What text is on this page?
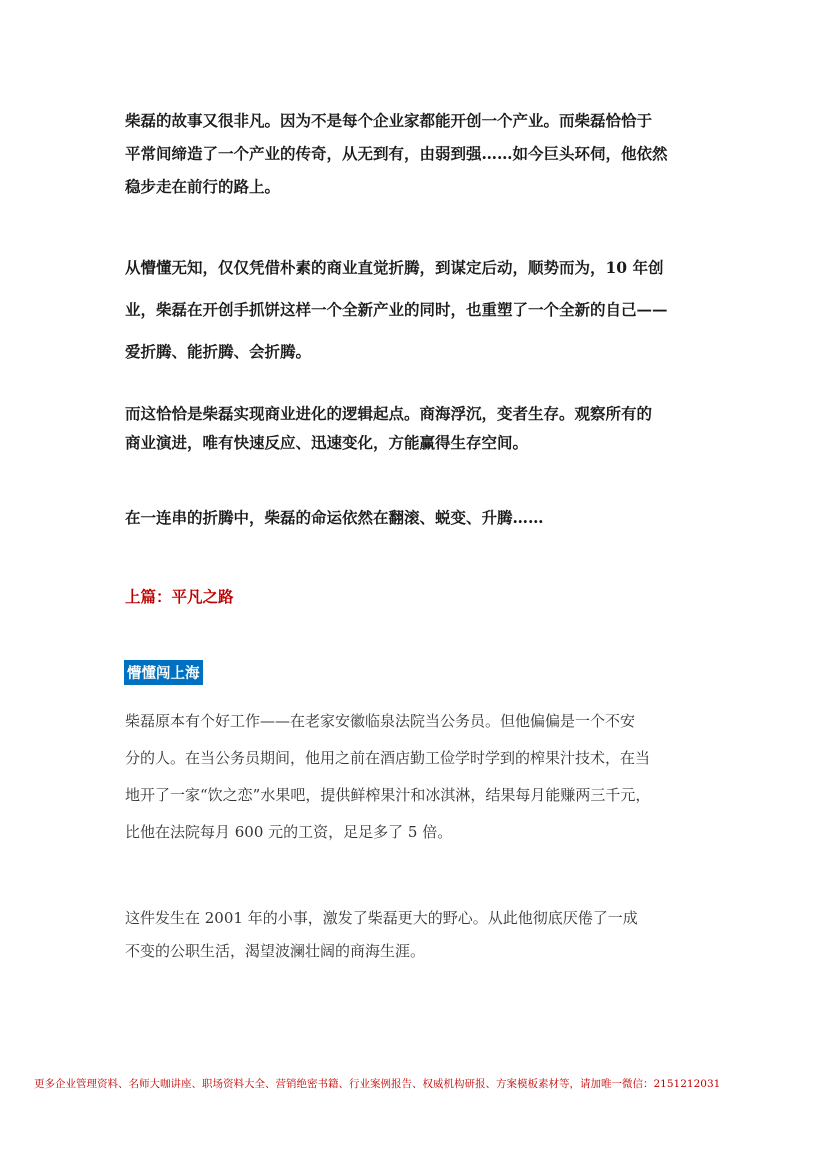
柴磊的故事又很非凡。因为不是每个企业家都能开创一个产业。而柴磊恰恰于
平常间缔造了一个产业的传奇，从无到有，由弱到强……如今巨头环伺，他依然
稳步走在前行的路上。
从懵懂无知，仅仅凭借朴素的商业直觉折腾，到谋定后动，顺势而为，10 年创
业，柴磊在开创手抓饼这样一个全新产业的同时，也重塑了一个全新的自己——
爱折腾、能折腾、会折腾。
而这恰恰是柴磊实现商业进化的逻辑起点。商海浮沉，变者生存。观察所有的
商业演进，唯有快速反应、迅速变化，方能赢得生存空间。
在一连串的折腾中，柴磊的命运依然在翻滚、蜕变、升腾……
上篇：平凡之路
懵懂闯上海
柴磊原本有个好工作——在老家安徽临泉法院当公务员。但他偏偏是一个不安
分的人。在当公务员期间，他用之前在酒店勤工俭学时学到的榨果汁技术，在当
地开了一家“饮之恋”水果吧，提供鲜榨果汁和冰淇淋，结果每月能赚两三千元，
比他在法院每月 600 元的工资，足足多了 5 倍。
这件发生在 2001 年的小事，激发了柴磊更大的野心。从此他彻底厌倦了一成
不变的公职生活，渴望波澜壮阔的商海生涯。
更多企业管理资料、名师大咖讲座、职场资料大全、营销绝密书籍、行业案例报告、权威机构研报、方案模板素材等，请加唯一微信：2151212031
